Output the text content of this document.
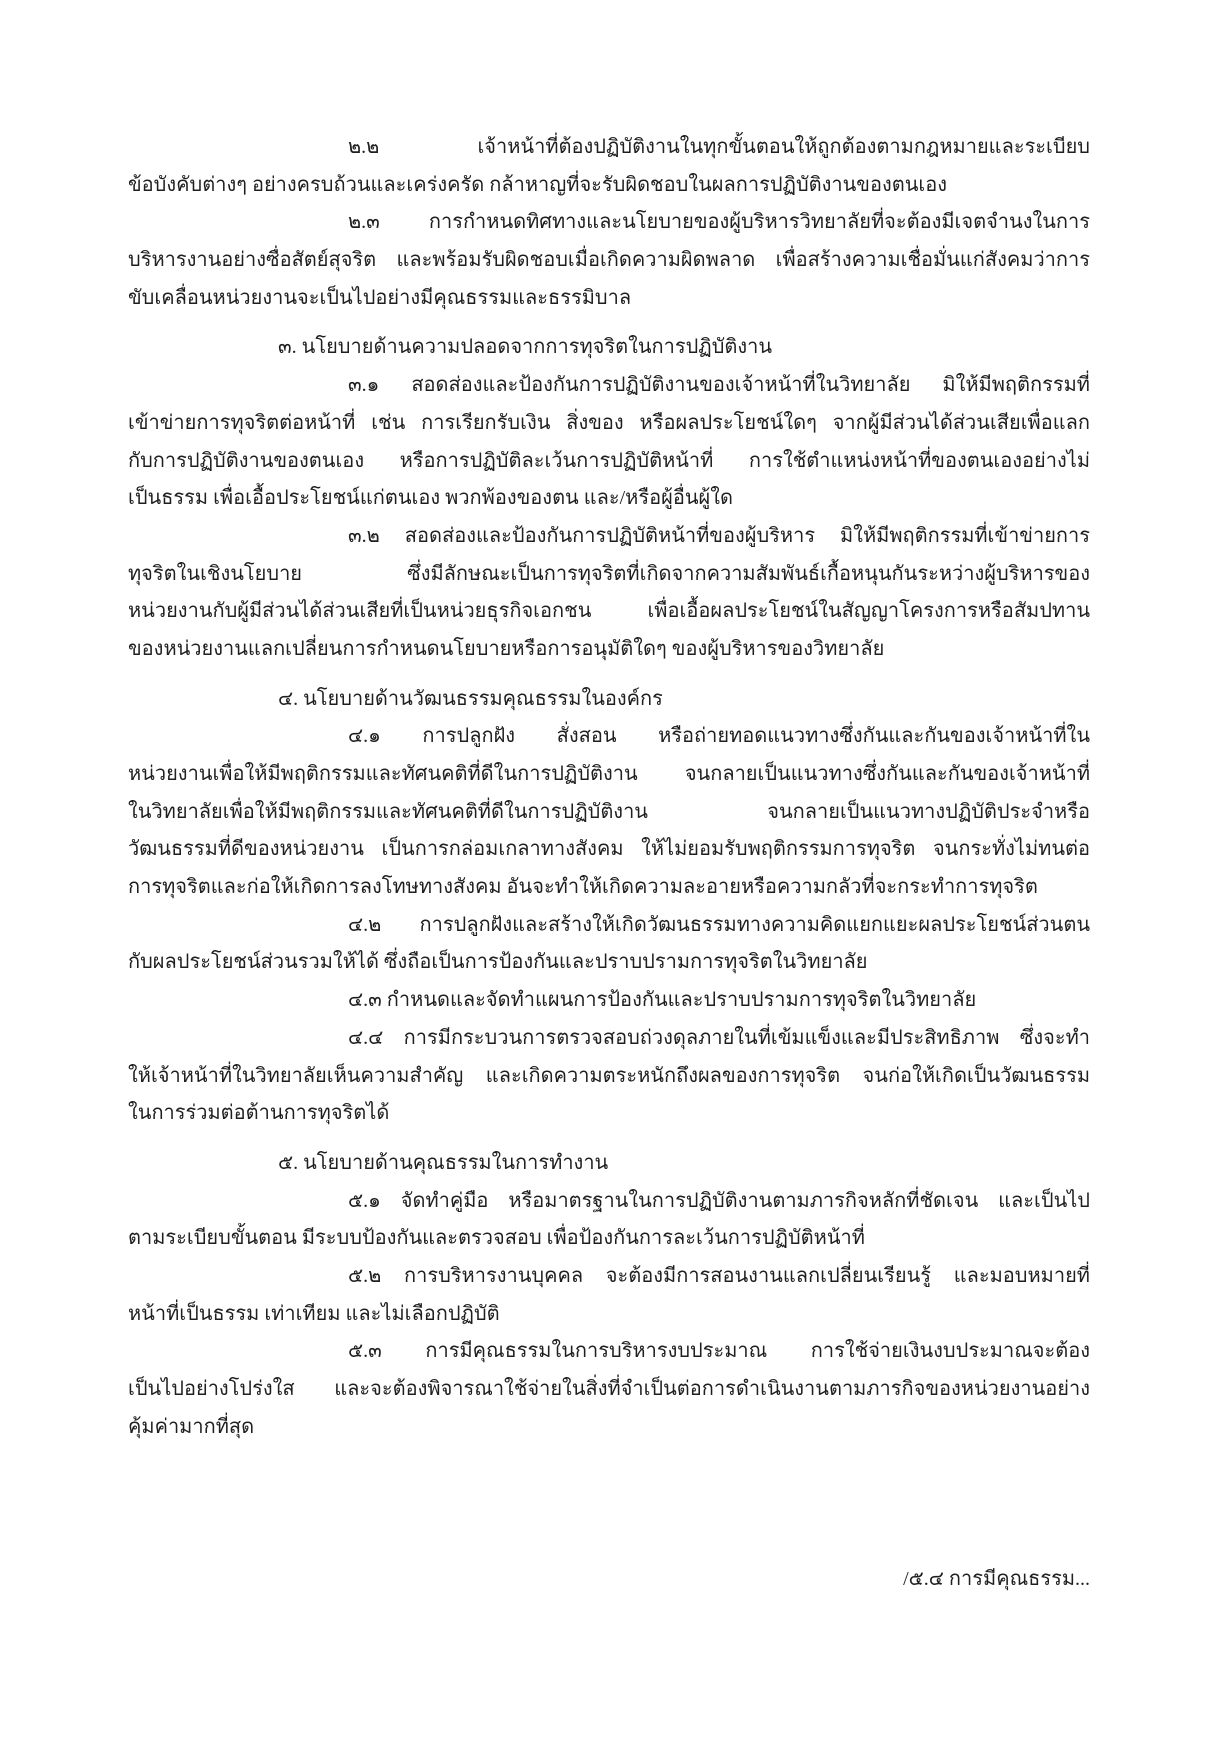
๒.๒ เจ้าหน้าที่ต้องปฏิบัติงานในทุกขั้นตอนให้ถูกต้องตามกฎหมายและระเบียบ
ข้อบังคับต่างๆ อย่างครบถ้วนและเคร่งครัด กล้าหาญที่จะรับผิดชอบในผลการปฏิบัติงานของตนเอง
๒.๓ การกำหนดทิศทางและนโยบายของผู้บริหารวิทยาลัยที่จะต้องมีเจตจำนงในการ
บริหารงานอย่างซื่อสัตย์สุจริต และพร้อมรับผิดชอบเมื่อเกิดความผิดพลาด เพื่อสร้างความเชื่อมั่นแก่สังคมว่าการ
ขับเคลื่อนหน่วยงานจะเป็นไปอย่างมีคุณธรรมและธรรมิบาล
๓. นโยบายด้านความปลอดจากการทุจริตในการปฏิบัติงาน
๓.๑ สอดส่องและป้องกันการปฏิบัติงานของเจ้าหน้าที่ในวิทยาลัย มิให้มีพฤติกรรมที่
เข้าข่ายการทุจริตต่อหน้าที่ เช่น การเรียกรับเงิน สิ่งของ หรือผลประโยชน์ใดๆ จากผู้มีส่วนได้ส่วนเสียเพื่อแลก
กับการปฏิบัติงานของตนเอง หรือการปฏิบัติละเว้นการปฏิบัติหน้าที่ การใช้ตำแหน่งหน้าที่ของตนเองอย่างไม่
เป็นธรรม เพื่อเอื้อประโยชน์แก่ตนเอง พวกพ้องของตน และ/หรือผู้อื่นผู้ใด
๓.๒ สอดส่องและป้องกันการปฏิบัติหน้าที่ของผู้บริหาร มิให้มีพฤติกรรมที่เข้าข่ายการ
ทุจริตในเชิงนโยบาย ซึ่งมีลักษณะเป็นการทุจริตที่เกิดจากความสัมพันธ์เกื้อหนุนกันระหว่างผู้บริหารของ
หน่วยงานกับผู้มีส่วนได้ส่วนเสียที่เป็นหน่วยธุรกิจเอกชน เพื่อเอื้อผลประโยชน์ในสัญญาโครงการหรือสัมปทาน
ของหน่วยงานแลกเปลี่ยนการกำหนดนโยบายหรือการอนุมัติใดๆ ของผู้บริหารของวิทยาลัย
๔. นโยบายด้านวัฒนธรรมคุณธรรมในองค์กร
๔.๑ การปลูกฝัง สั่งสอน หรือถ่ายทอดแนวทางซึ่งกันและกันของเจ้าหน้าที่ใน
หน่วยงานเพื่อให้มีพฤติกรรมและทัศนคติที่ดีในการปฏิบัติงาน จนกลายเป็นแนวทางซึ่งกันและกันของเจ้าหน้าที่
ในวิทยาลัยเพื่อให้มีพฤติกรรมและทัศนคติที่ดีในการปฏิบัติงาน จนกลายเป็นแนวทางปฏิบัติประจำหรือ
วัฒนธรรมที่ดีของหน่วยงาน เป็นการกล่อมเกลาทางสังคม ให้ไม่ยอมรับพฤติกรรมการทุจริต จนกระทั่งไม่ทนต่อ
การทุจริตและก่อให้เกิดการลงโทษทางสังคม อันจะทำให้เกิดความละอายหรือความกลัวที่จะกระทำการทุจริต
๔.๒ การปลูกฝังและสร้างให้เกิดวัฒนธรรมทางความคิดแยกแยะผลประโยชน์ส่วนตน
กับผลประโยชน์ส่วนรวมให้ได้ ซึ่งถือเป็นการป้องกันและปราบปรามการทุจริตในวิทยาลัย
๔.๓ กำหนดและจัดทำแผนการป้องกันและปราบปรามการทุจริตในวิทยาลัย
๔.๔ การมีกระบวนการตรวจสอบถ่วงดุลภายในที่เข้มแข็งและมีประสิทธิภาพ ซึ่งจะทำ
ให้เจ้าหน้าที่ในวิทยาลัยเห็นความสำคัญ และเกิดความตระหนักถึงผลของการทุจริต จนก่อให้เกิดเป็นวัฒนธรรม
ในการร่วมต่อต้านการทุจริตได้
๕. นโยบายด้านคุณธรรมในการทำงาน
๕.๑ จัดทำคู่มือ หรือมาตรฐานในการปฏิบัติงานตามภารกิจหลักที่ชัดเจน และเป็นไป
ตามระเบียบขั้นตอน มีระบบป้องกันและตรวจสอบ เพื่อป้องกันการละเว้นการปฏิบัติหน้าที่
๕.๒ การบริหารงานบุคคล จะต้องมีการสอนงานแลกเปลี่ยนเรียนรู้ และมอบหมายที่
หน้าที่เป็นธรรม เท่าเทียม และไม่เลือกปฏิบัติ
๕.๓ การมีคุณธรรมในการบริหารงบประมาณ การใช้จ่ายเงินงบประมาณจะต้อง
เป็นไปอย่างโปร่งใส และจะต้องพิจารณาใช้จ่ายในสิ่งที่จำเป็นต่อการดำเนินงานตามภารกิจของหน่วยงานอย่าง
คุ้มค่ามากที่สุด
/๕.๔ การมีคุณธรรม...
